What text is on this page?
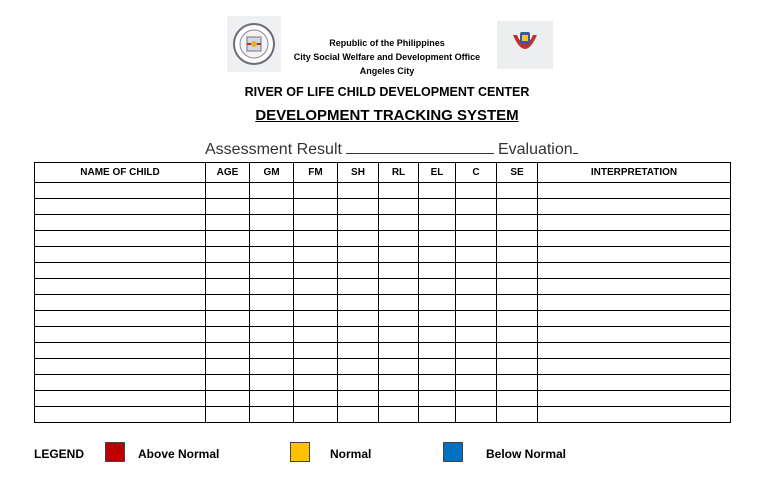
Republic of the Philippines
City Social Welfare and Development Office
Angeles City
RIVER OF LIFE CHILD DEVELOPMENT CENTER
DEVELOPMENT TRACKING SYSTEM
Assessment Result	Evaluation
NAME OF CHILD	AGE	GM	FM	SH	RL	EL	C	SE	INTERPRETATION

LEGEND	Above Normal	Normal	Below Normal
